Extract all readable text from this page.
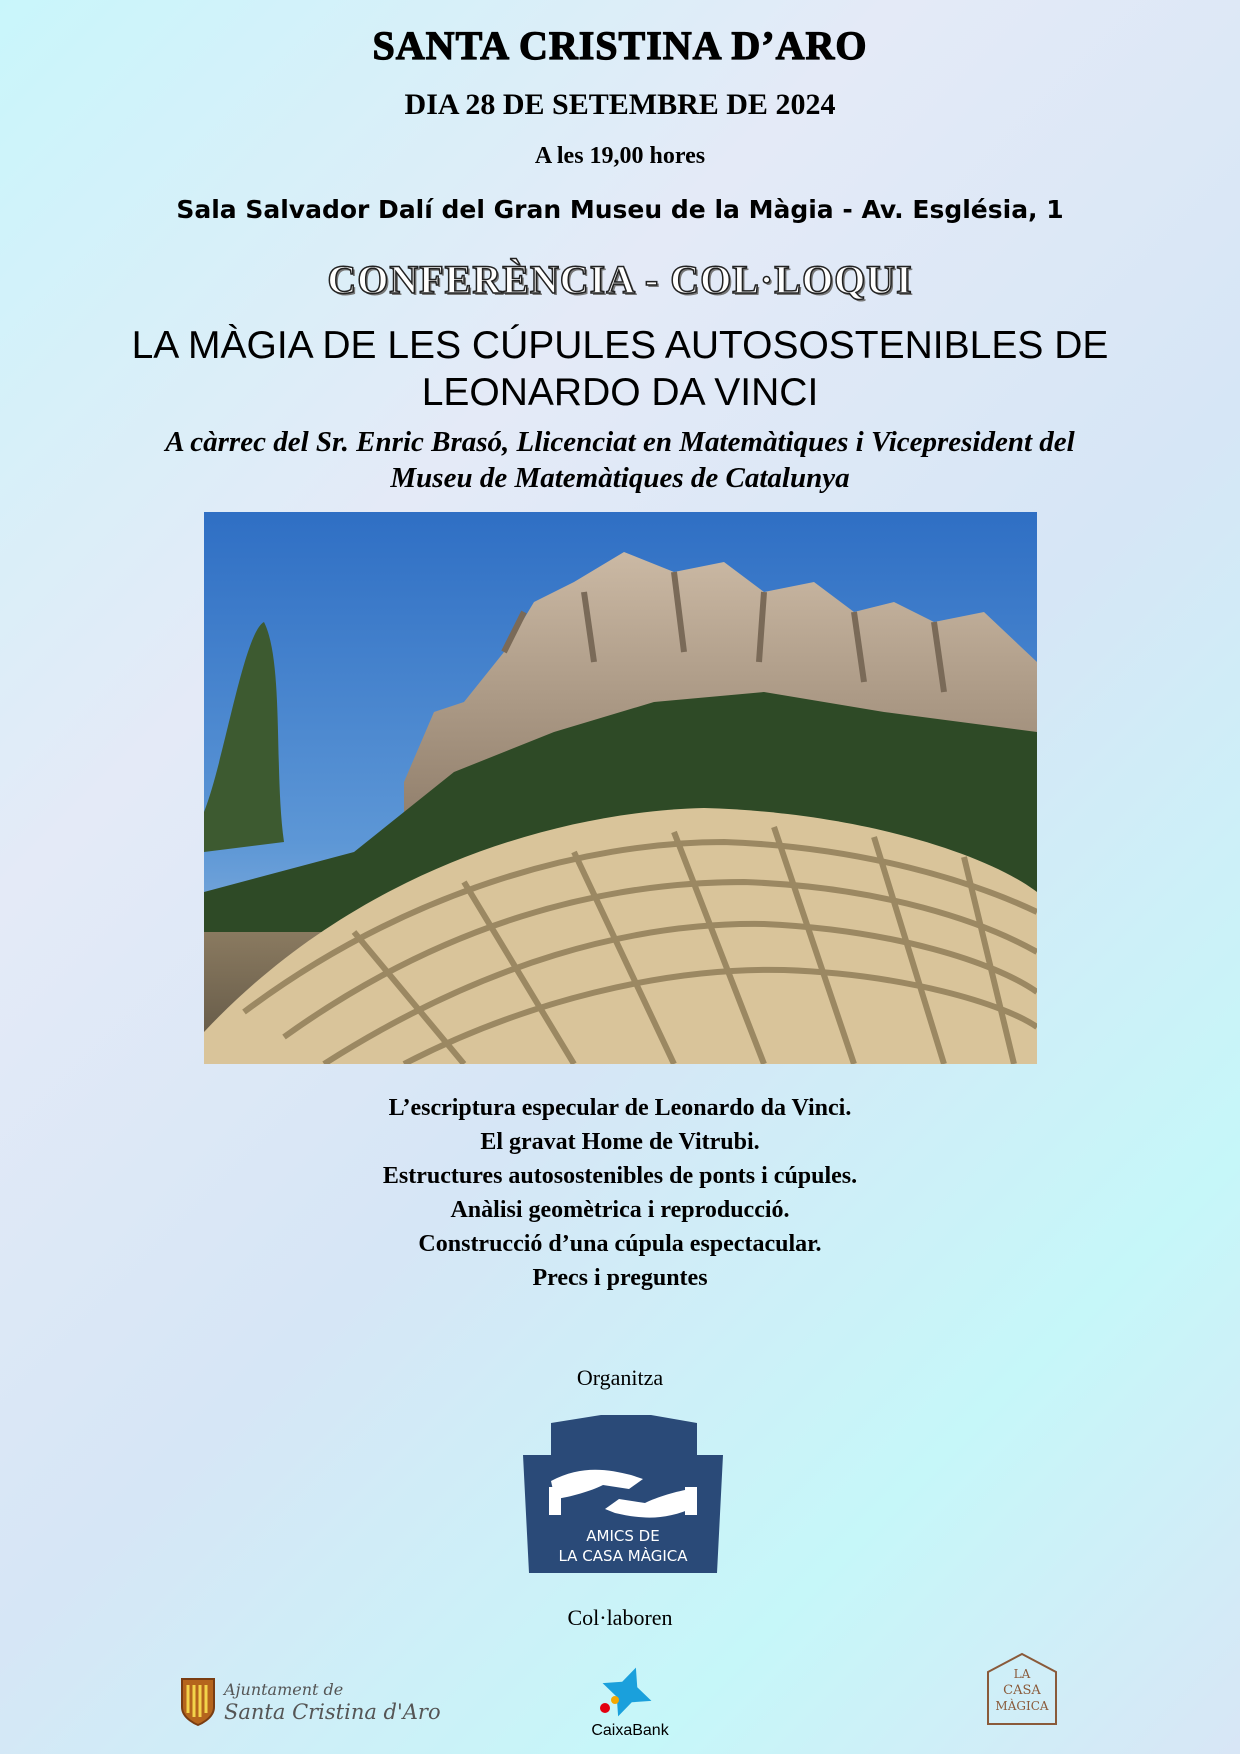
SANTA CRISTINA D’ARO
DIA 28 DE SETEMBRE DE 2024
A les 19,00 hores
Sala Salvador Dalí del Gran Museu de la Màgia - Av. Església, 1
CONFERÈNCIA - COL·LOQUI
LA MÀGIA DE LES CÚPULES AUTOSOSTENIBLES DE
LEONARDO DA VINCI
A càrrec del Sr. Enric Brasó, Llicenciat en Matemàtiques i Vicepresident del
Museu de Matemàtiques de Catalunya
L’escriptura especular de Leonardo da Vinci.
El gravat Home de Vitrubi.
Estructures autosostenibles de ponts i cúpules.
Anàlisi geomètrica i reproducció.
Construcció d’una cúpula espectacular.
Precs i preguntes
Organitza
AMICS DE
LA CASA MÀGICA
Col·laboren
Ajuntament de
Santa Cristina d'Aro
CaixaBank
LA
CASA
MÀGICA
